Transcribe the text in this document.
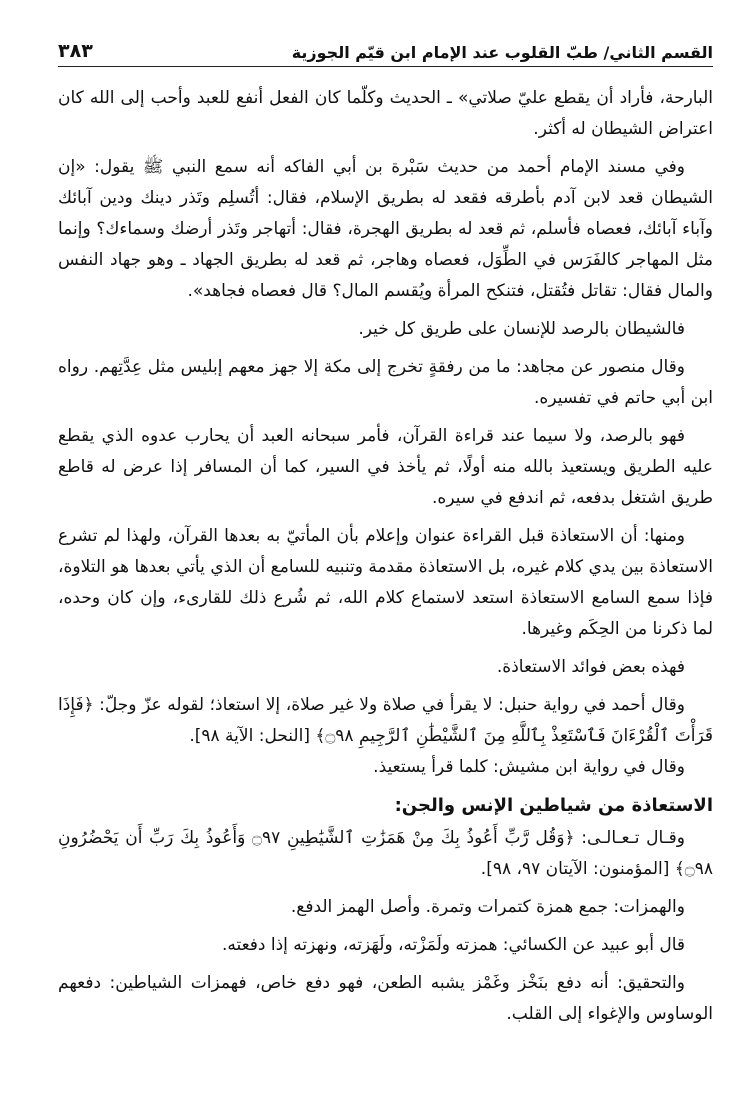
القسم الثاني/ طبّ القلوب عند الإمام ابن قيّم الجوزية
٣٨٣

البارحة، فأراد أن يقطع عليّ صلاتي» ـ الحديث وكلّما كان الفعل أنفع للعبد وأحب إلى الله كان اعتراض الشيطان له أكثر.

وفي مسند الإمام أحمد من حديث سَبْرة بن أبي الفاكه أنه سمع النبي ﷺ يقول: «إن الشيطان قعد لابن آدم بأطرقه فقعد له بطريق الإسلام، فقال: أتُسلِم وتَذر دينك ودين آبائك وآباء آبائك، فعصاه فأسلم، ثم قعد له بطريق الهجرة، فقال: أتهاجر وتَذر أرضك وسماءك؟ وإنما مثل المهاجر كالفَرَس في الطِّوَل، فعصاه وهاجر، ثم قعد له بطريق الجهاد ـ وهو جهاد النفس والمال فقال: تقاتل فتُقتل، فتنكح المرأة ويُقسم المال؟ قال فعصاه فجاهد».

فالشيطان بالرصد للإنسان على طريق كل خير.

وقال منصور عن مجاهد: ما من رفقةٍ تخرج إلى مكة إلا جهز معهم إبليس مثل عِدَّتِهم. رواه ابن أبي حاتم في تفسيره.

فهو بالرصد، ولا سيما عند قراءة القرآن، فأمر سبحانه العبد أن يحارب عدوه الذي يقطع عليه الطريق ويستعيذ بالله منه أولًا، ثم يأخذ في السير، كما أن المسافر إذا عرض له قاطع طريق اشتغل بدفعه، ثم اندفع في سيره.

ومنها: أن الاستعاذة قبل القراءة عنوان وإعلام بأن المأتيّ به بعدها القرآن، ولهذا لم تشرع الاستعاذة بين يدي كلام غيره، بل الاستعاذة مقدمة وتنبيه للسامع أن الذي يأتي بعدها هو التلاوة، فإذا سمع السامع الاستعاذة استعد لاستماع كلام الله، ثم شُرع ذلك للقارىء، وإن كان وحده، لما ذكرنا من الحِكَم وغيرها.

فهذه بعض فوائد الاستعاذة.

وقال أحمد في رواية حنبل: لا يقرأ في صلاة ولا غير صلاة، إلا استعاذ؛ لقوله عزّ وجلّ: ﴿فَإِذَا قَرَأْتَ ٱلْقُرْءَانَ فَٱسْتَعِذْ بِٱللَّهِ مِنَ ٱلشَّيْطَٰنِ ٱلرَّجِيمِ ۝٩٨﴾ [النحل: الآية ٩٨].

وقال في رواية ابن مشيش: كلما قرأ يستعيذ.

الاستعاذة من شياطين الإنس والجن:

وقـال تـعـالـى: ﴿وَقُل رَّبِّ أَعُوذُ بِكَ مِنْ هَمَزَٰتِ ٱلشَّيَٰطِينِ ۝٩٧ وَأَعُوذُ بِكَ رَبِّ أَن يَحْضُرُونِ ۝٩٨﴾ [المؤمنون: الآيتان ٩٧، ٩٨].

والهمزات: جمع همزة كتمرات وتمرة. وأصل الهمز الدفع.

قال أبو عبيد عن الكسائي: همزته ولَمَزْته، ولَهَزته، ونهزته إذا دفعته.

والتحقيق: أنه دفع بنَخْز وغَمْز يشبه الطعن، فهو دفع خاص، فهمزات الشياطين: دفعهم الوساوس والإغواء إلى القلب.
